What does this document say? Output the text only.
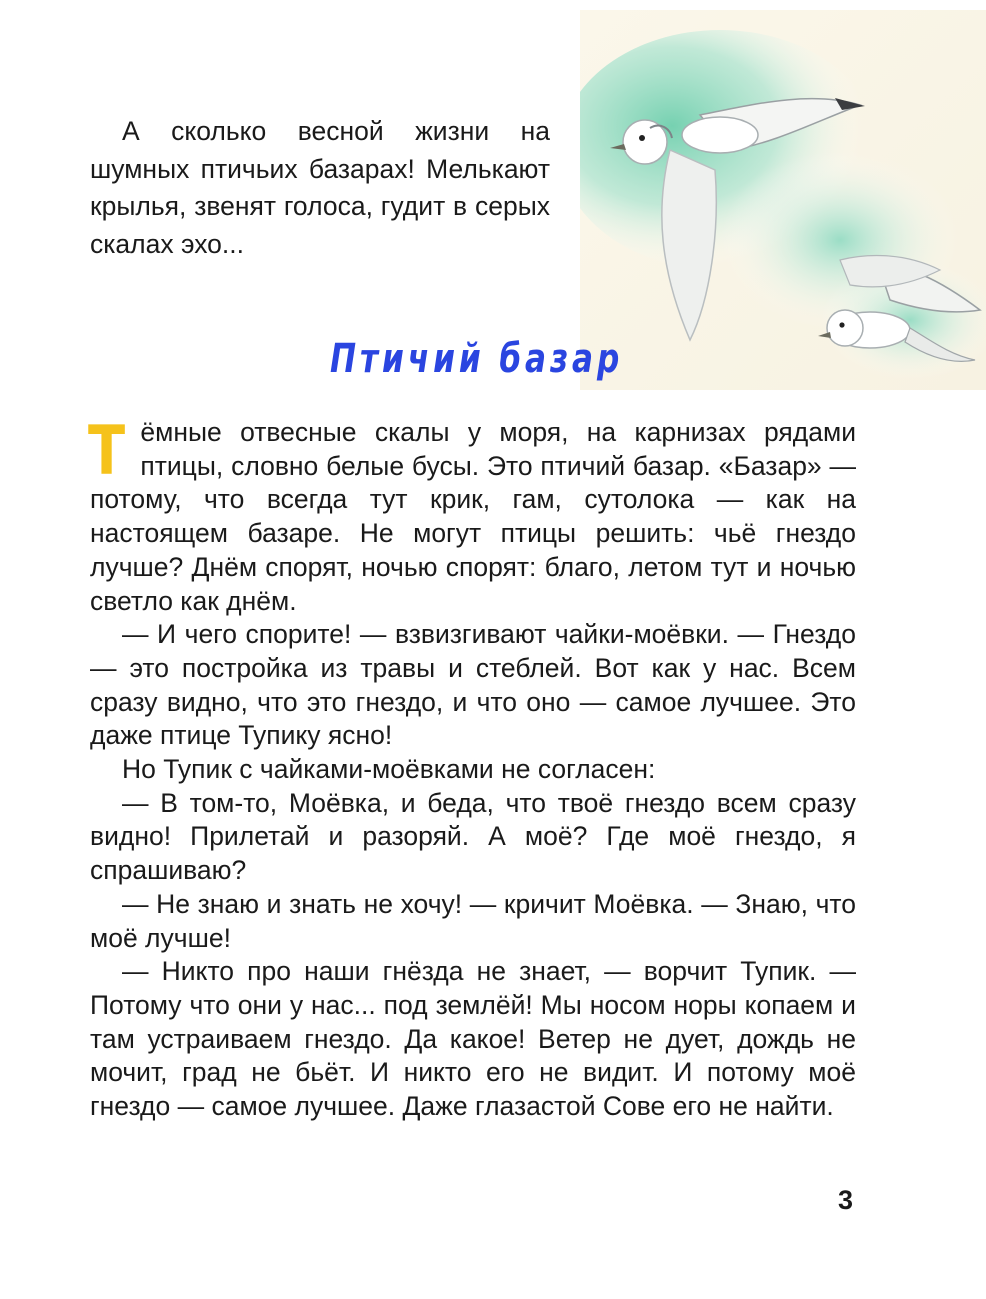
А сколько весной жизни на шумных птичьих базарах! Мелькают крылья, звенят голоса, гудит в серых скалах эхо...

Птичий базар

Тёмные отвесные скалы у моря, на карнизах рядами птицы, словно белые бусы. Это птичий базар. «Базар» — потому, что всегда тут крик, гам, сутолока — как на настоящем базаре. Не могут птицы решить: чьё гнездо лучше? Днём спорят, ночью спорят: благо, летом тут и ночью светло как днём.

— И чего спорите! — взвизгивают чайки-моёвки. — Гнездо — это постройка из травы и стеблей. Вот как у нас. Всем сразу видно, что это гнездо, и что оно — самое лучшее. Это даже птице Тупику ясно!

Но Тупик с чайками-моёвками не согласен:

— В том-то, Моёвка, и беда, что твоё гнездо всем сразу видно! Прилетай и разоряй. А моё? Где моё гнездо, я спрашиваю?

— Не знаю и знать не хочу! — кричит Моёвка. — Знаю, что моё лучше!

— Никто про наши гнёзда не знает, — ворчит Тупик. — Потому что они у нас... под землёй! Мы носом норы копаем и там устраиваем гнездо. Да какое! Ветер не дует, дождь не мочит, град не бьёт. И никто его не видит. И потому моё гнездо — самое лучшее. Даже глазастой Сове его не найти.

3
